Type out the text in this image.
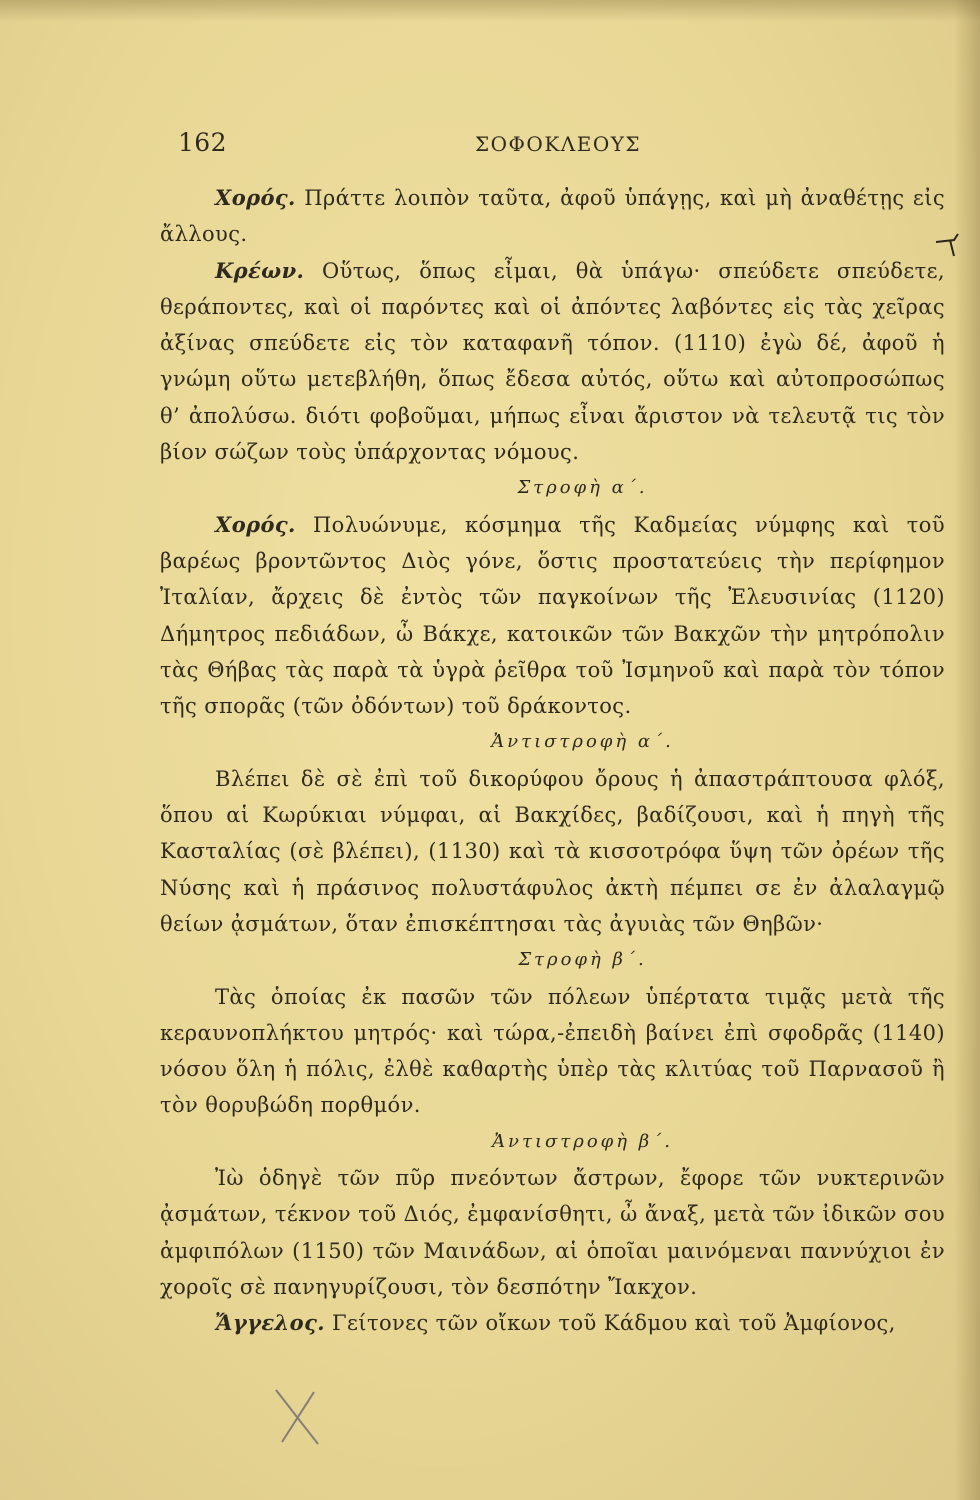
162	ΣΟΦΟΚΛΕΟΥΣ

Χορός. Πράττε λοιπὸν ταῦτα, ἀφοῦ ὑπάγῃς, καὶ μὴ ἀναθέτῃς εἰς ἄλλους.

Κρέων. Οὕτως, ὅπως εἶμαι, θὰ ὑπάγω· σπεύδετε σπεύδετε, θεράποντες, καὶ οἱ παρόντες καὶ οἱ ἀπόντες λαβόντες εἰς τὰς χεῖρας ἀξίνας σπεύδετε εἰς τὸν καταφανῆ τόπον. (1110) ἐγὼ δέ, ἀφοῦ ἡ γνώμη οὕτω μετεβλήθη, ὅπως ἔδεσα αὐτός, οὕτω καὶ αὐτοπροσώπως θ’ ἀπολύσω. διότι φοβοῦμαι, μήπως εἶναι ἄριστον νὰ τελευτᾷ τις τὸν βίον σώζων τοὺς ὑπάρχοντας νόμους.

Στροφὴ α΄.

Χορός. Πολυώνυμε, κόσμημα τῆς Καδμείας νύμφης καὶ τοῦ βαρέως βροντῶντος Διὸς γόνε, ὅστις προστατεύεις τὴν περίφημον Ἰταλίαν, ἄρχεις δὲ ἐντὸς τῶν παγκοίνων τῆς Ἐλευσινίας (1120) Δήμητρος πεδιάδων, ὦ Βάκχε, κατοικῶν τῶν Βακχῶν τὴν μητρόπολιν τὰς Θήβας τὰς παρὰ τὰ ὑγρὰ ῥεῖθρα τοῦ Ἰσμηνοῦ καὶ παρὰ τὸν τόπον τῆς σπορᾶς (τῶν ὀδόντων) τοῦ δράκοντος.

Ἀντιστροφὴ α΄.

Βλέπει δὲ σὲ ἐπὶ τοῦ δικορύφου ὄρους ἡ ἀπαστράπτουσα φλόξ, ὅπου αἱ Κωρύκιαι νύμφαι, αἱ Βακχίδες, βαδίζουσι, καὶ ἡ πηγὴ τῆς Κασταλίας (σὲ βλέπει), (1130) καὶ τὰ κισσοτρόφα ὕψη τῶν ὀρέων τῆς Νύσης καὶ ἡ πράσινος πολυστάφυλος ἀκτὴ πέμπει σε ἐν ἀλαλαγμῷ θείων ᾀσμάτων, ὅταν ἐπισκέπτησαι τὰς ἀγυιὰς τῶν Θηβῶν·

Στροφὴ β΄.

Τὰς ὁποίας ἐκ πασῶν τῶν πόλεων ὑπέρτατα τιμᾷς μετὰ τῆς κεραυνοπλήκτου μητρός· καὶ τώρα,-ἐπειδὴ βαίνει ἐπὶ σφοδρᾶς (1140) νόσου ὅλη ἡ πόλις, ἐλθὲ καθαρτὴς ὑπὲρ τὰς κλιτύας τοῦ Παρνασοῦ ἢ τὸν θορυβώδη πορθμόν.

Ἀντιστροφὴ β΄.

Ἰὼ ὁδηγὲ τῶν πῦρ πνεόντων ἄστρων, ἔφορε τῶν νυκτερινῶν ᾀσμάτων, τέκνον τοῦ Διός, ἐμφανίσθητι, ὦ ἄναξ, μετὰ τῶν ἰδικῶν σου ἀμφιπόλων (1150) τῶν Μαινάδων, αἱ ὁποῖαι μαινόμεναι παννύχιοι ἐν χοροῖς σὲ πανηγυρίζουσι, τὸν δεσπότην Ἴακχον.

Ἄγγελος. Γείτονες τῶν οἴκων τοῦ Κάδμου καὶ τοῦ Ἀμφίονος,
